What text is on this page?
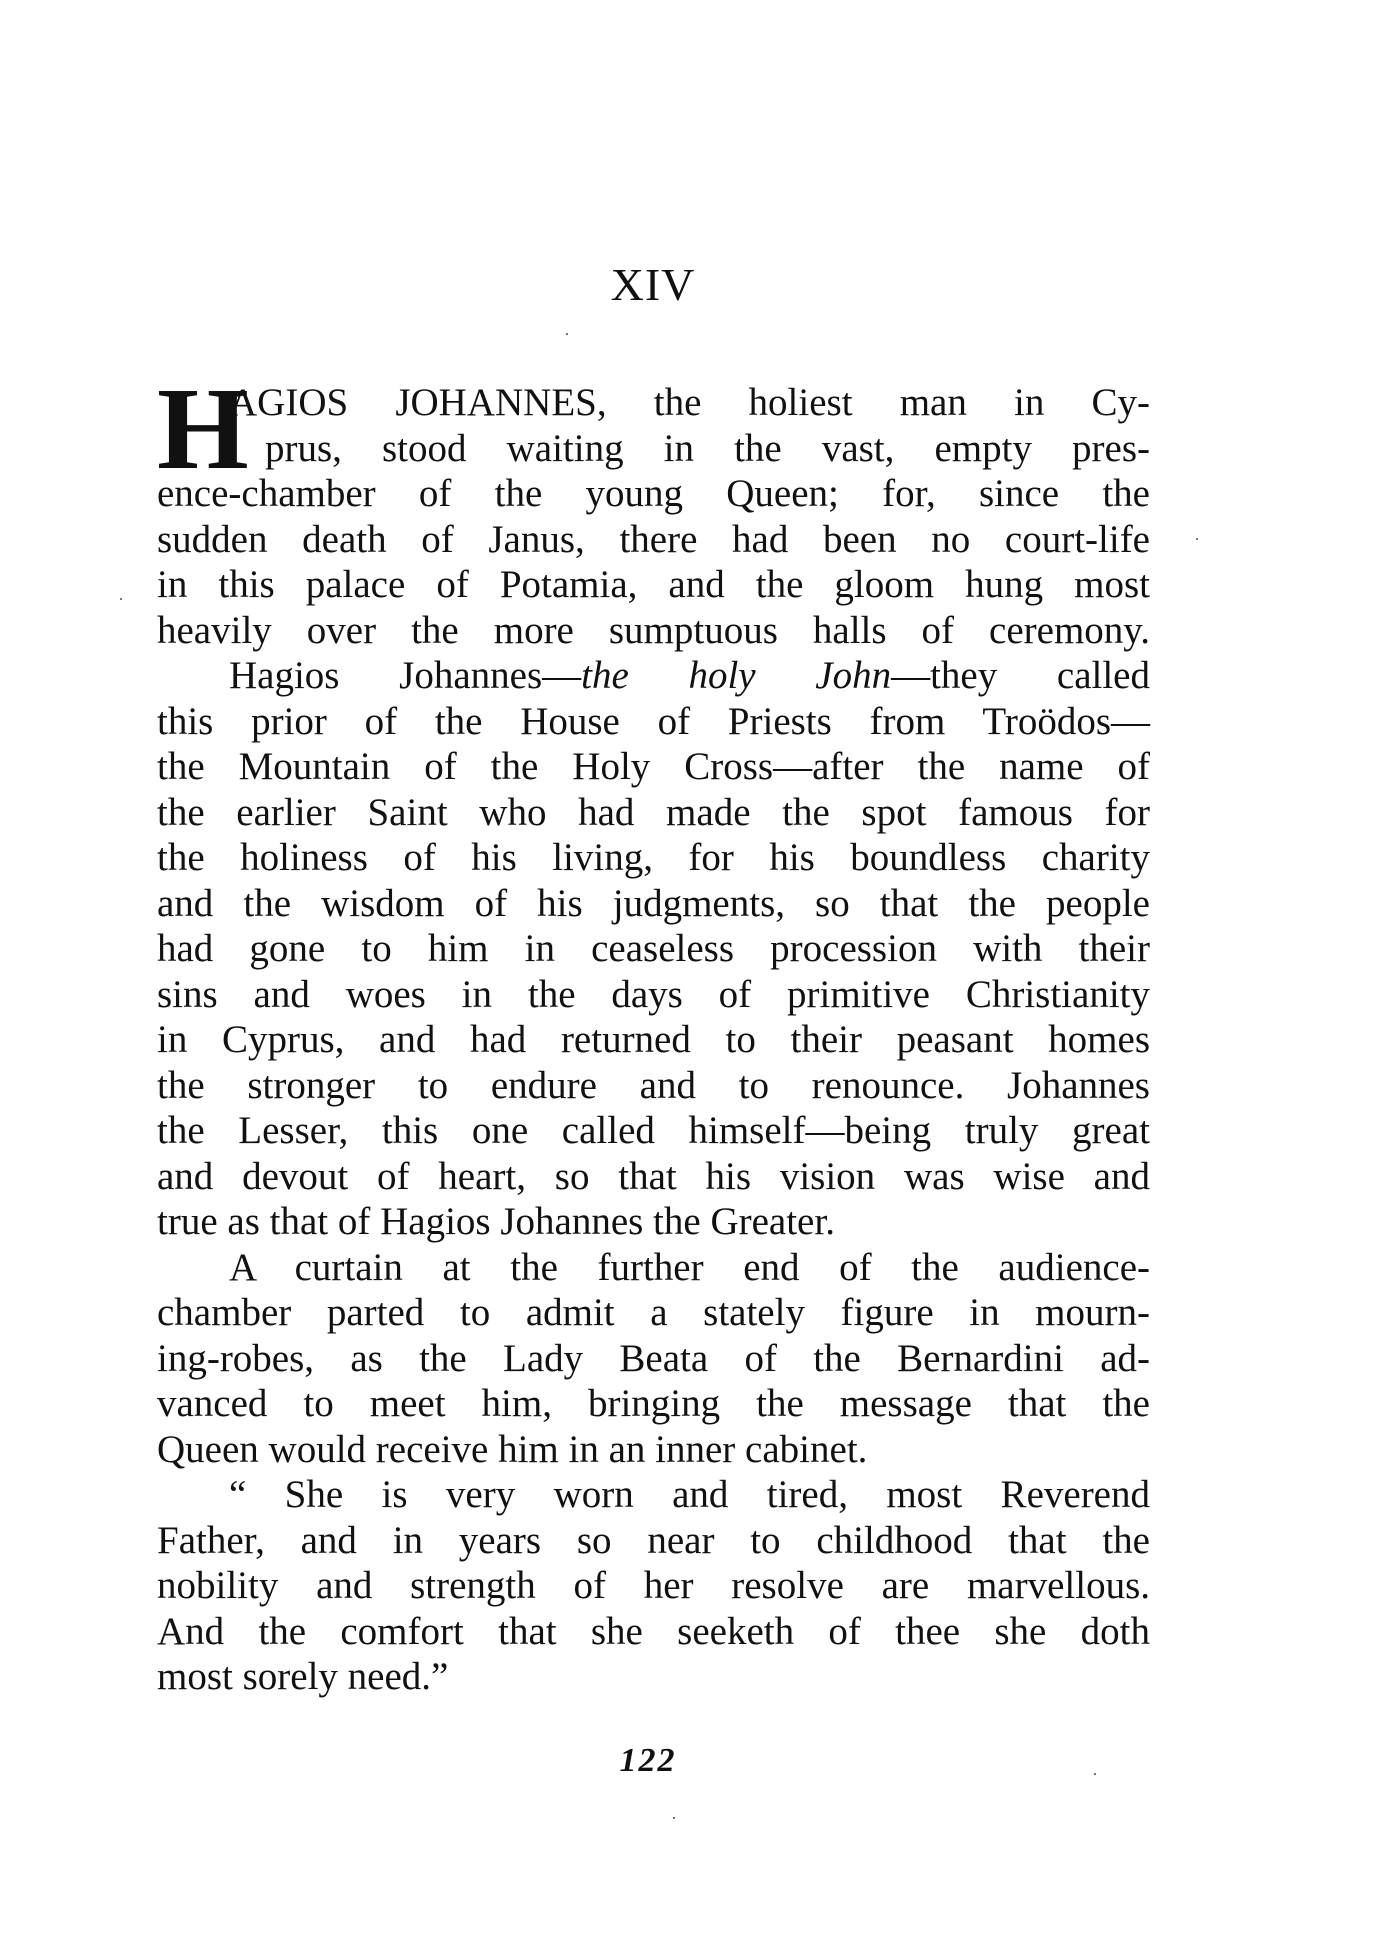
XIV
H
AGIOS JOHANNES, the holiest man in Cy-
prus, stood waiting in the vast, empty pres-
ence-chamber of the young Queen; for, since the
sudden death of Janus, there had been no court-life
in this palace of Potamia, and the gloom hung most
heavily over the more sumptuous halls of ceremony.
Hagios Johannes—the holy John—they called
this prior of the House of Priests from Troödos—
the Mountain of the Holy Cross—after the name of
the earlier Saint who had made the spot famous for
the holiness of his living, for his boundless charity
and the wisdom of his judgments, so that the people
had gone to him in ceaseless procession with their
sins and woes in the days of primitive Christianity
in Cyprus, and had returned to their peasant homes
the stronger to endure and to renounce. Johannes
the Lesser, this one called himself—being truly great
and devout of heart, so that his vision was wise and
true as that of Hagios Johannes the Greater.
A curtain at the further end of the audience-
chamber parted to admit a stately figure in mourn-
ing-robes, as the Lady Beata of the Bernardini ad-
vanced to meet him, bringing the message that the
Queen would receive him in an inner cabinet.
“ She is very worn and tired, most Reverend
Father, and in years so near to childhood that the
nobility and strength of her resolve are marvellous.
And the comfort that she seeketh of thee she doth
most sorely need.”
122
